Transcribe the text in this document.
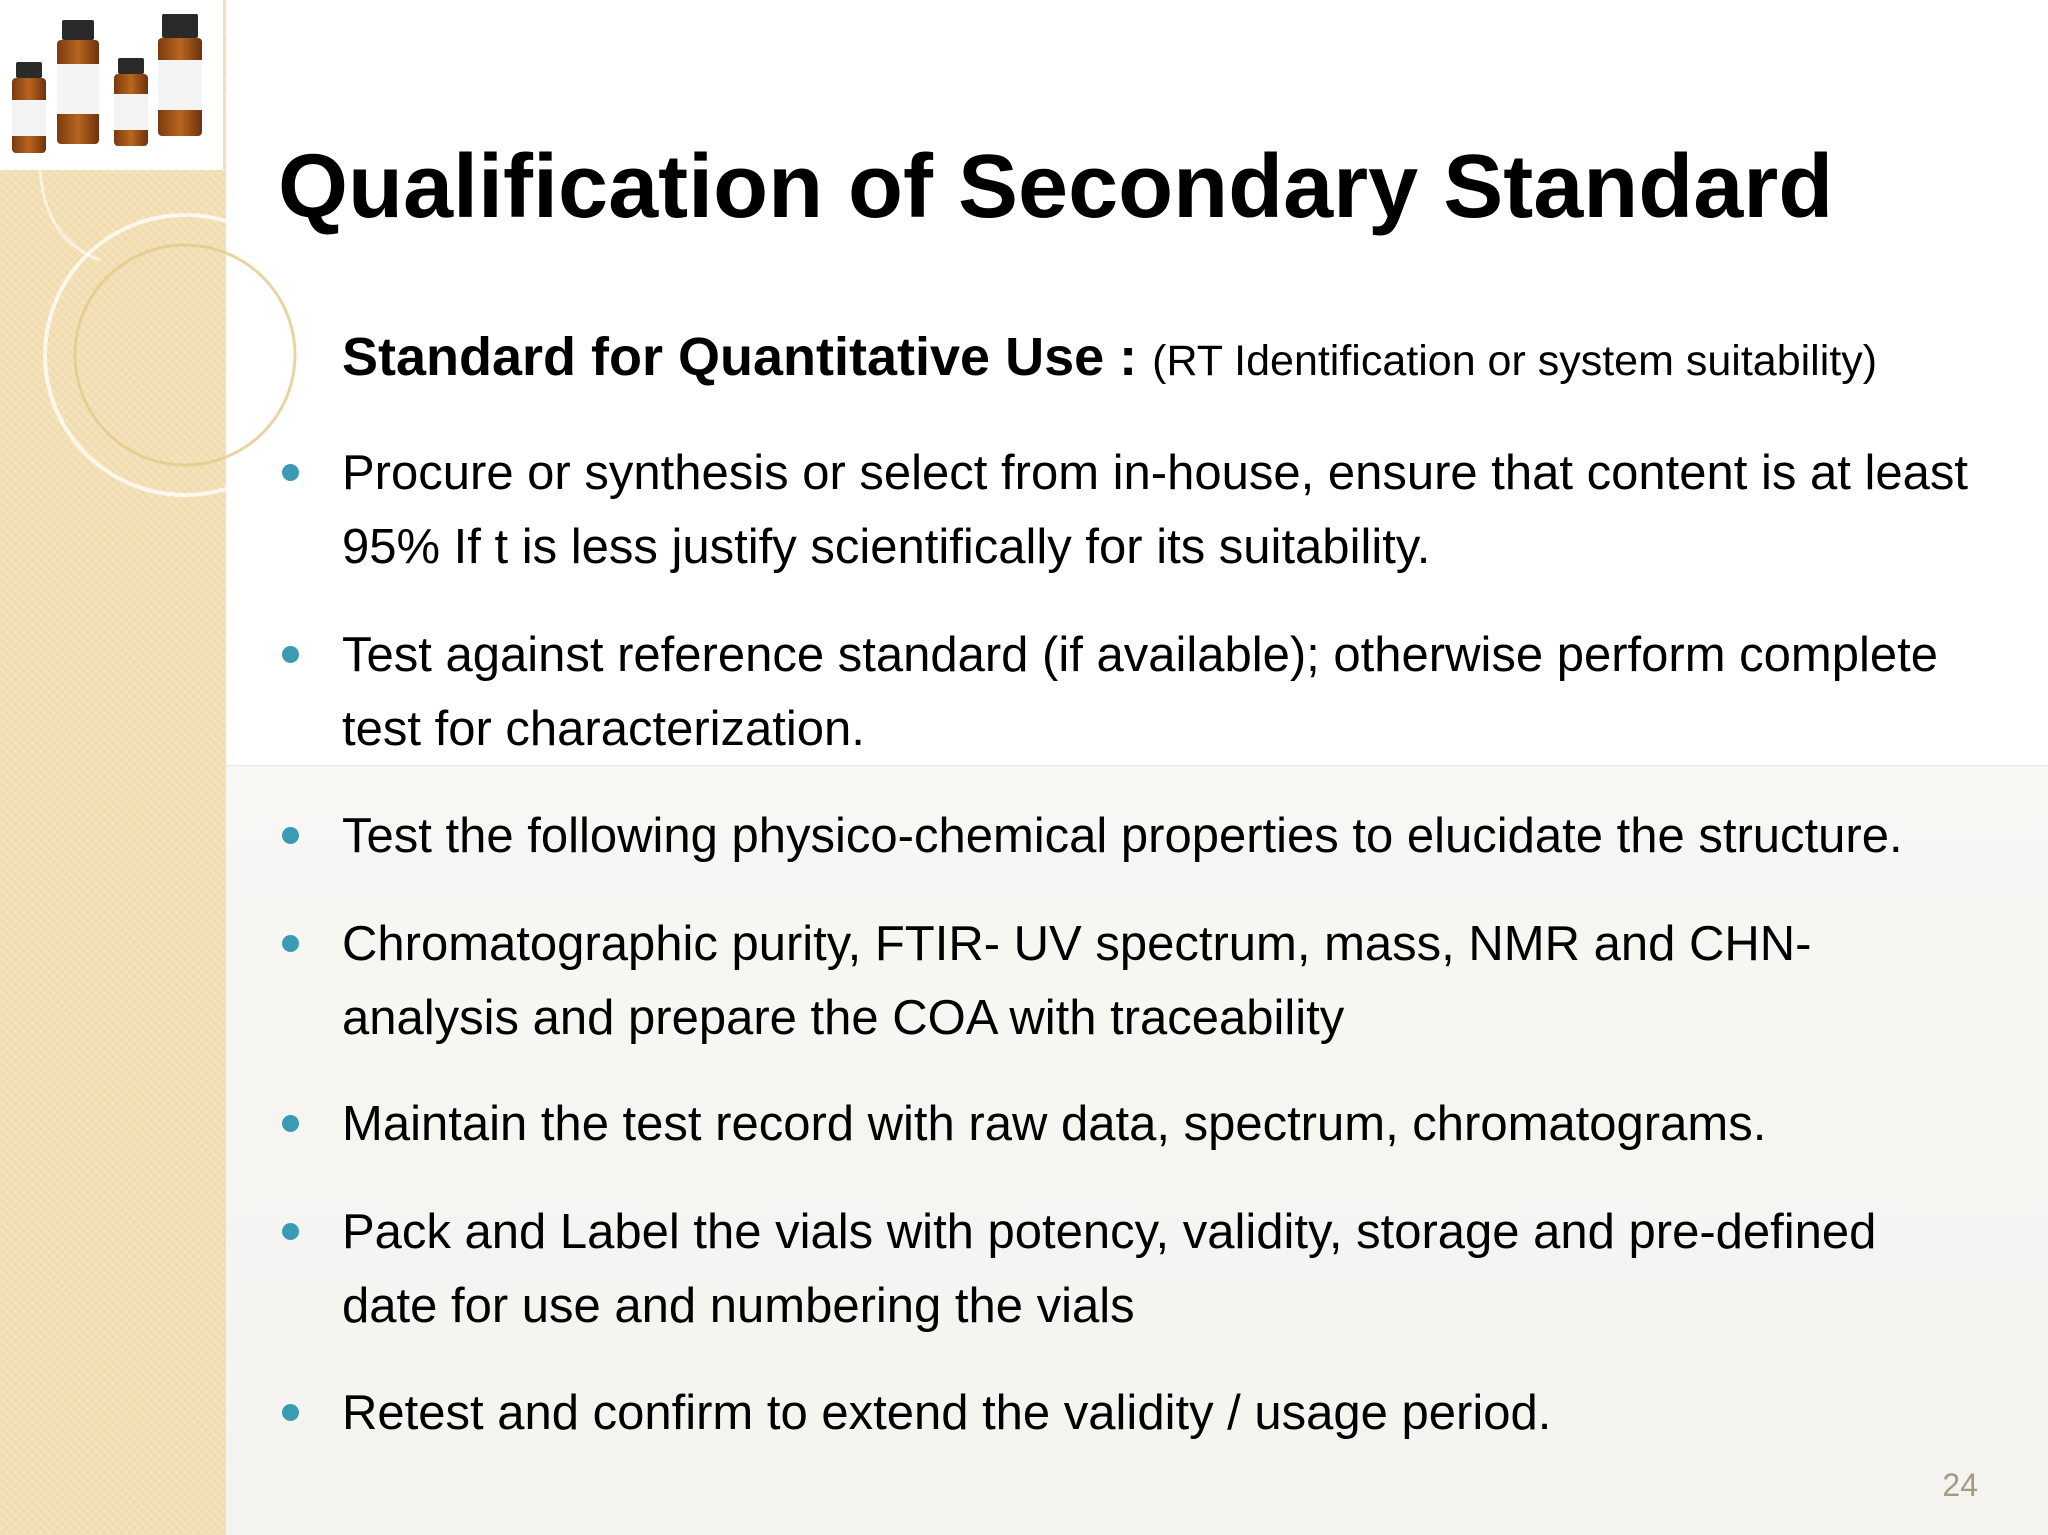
Qualification of Secondary Standard
Standard for Quantitative Use : (RT Identification or system suitability)
Procure or synthesis or select from in-house, ensure that content is at least 95% If t is less justify scientifically for its suitability.
Test against reference standard (if available); otherwise perform complete test for characterization.
Test the following physico-chemical properties to elucidate the structure.
Chromatographic purity, FTIR- UV spectrum, mass, NMR and CHN-analysis and prepare the COA with traceability
Maintain the test record with raw data, spectrum, chromatograms.
Pack and Label the vials with potency, validity, storage and pre-defined date for use and numbering the vials
Retest and confirm to extend the validity / usage period.
24
